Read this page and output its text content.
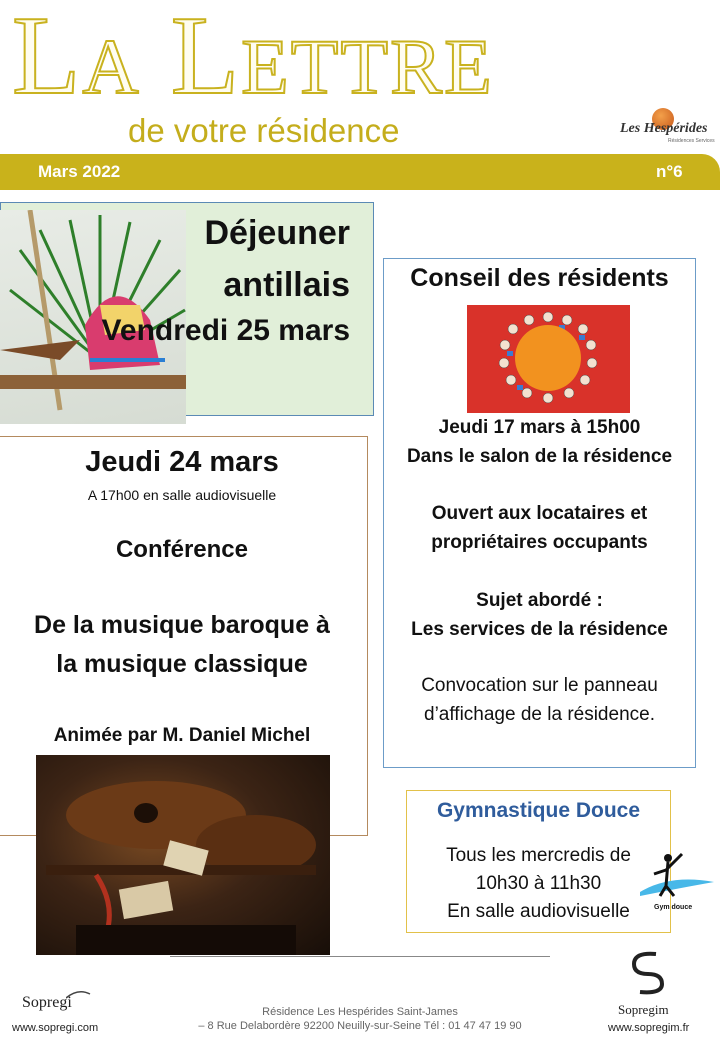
La Lettre
de votre résidence	Les Hespérides
Résidences Services
Mars 2022	n°6
Déjeuner
antillais
Vendredi 25 mars
Jeudi 24 mars
A 17h00 en salle audiovisuelle
Conférence
De la musique baroque à
la musique classique
Animée par M. Daniel Michel
Conseil des résidents
Jeudi 17 mars à 15h00
Dans le salon de la résidence
Ouvert aux locataires et
propriétaires occupants
Sujet abordé :
Les services de la résidence
Convocation sur le panneau
d’affichage de la résidence.
Gymnastique Douce
Tous les mercredis de
10h30 à 11h30
En salle audiovisuelle	Gym douce
Sopregi
www.sopregi.com
Résidence Les Hespérides Saint-James
– 8 Rue Delabordère 92200 Neuilly-sur-Seine Tél : 01 47 47 19 90
Sopregim
www.sopregim.fr
